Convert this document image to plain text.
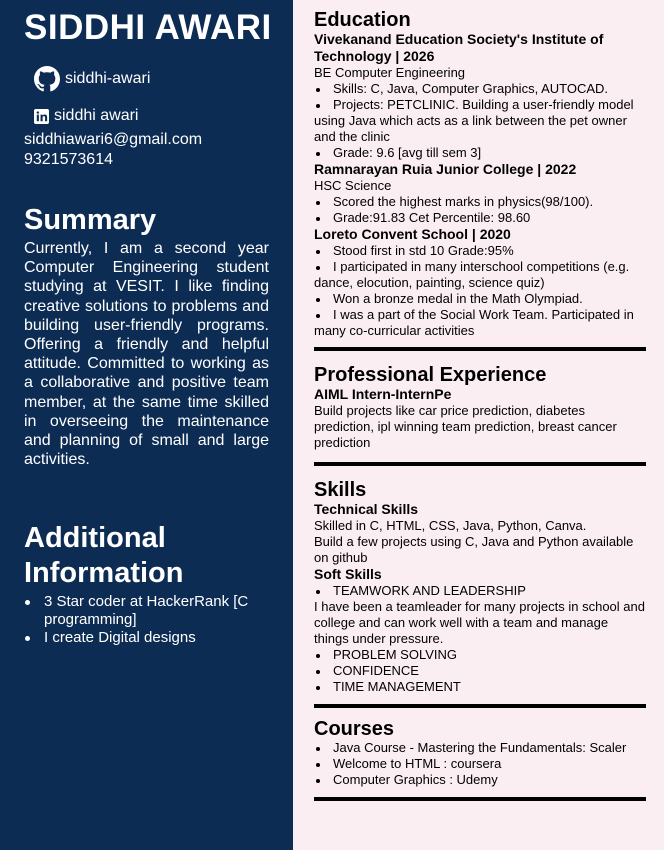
SIDDHI AWARI
siddhi-awari
siddhi awari
siddhiawari6@gmail.com
9321573614
Summary

Currently, I am a second year Computer Engineering student studying at VESIT. I like finding creative solutions to problems and building user-friendly programs. Offering a friendly and helpful attitude. Committed to working as a collaborative and positive team member, at the same time skilled in overseeing the maintenance and planning of small and large activities.

Additional Information
3 Star coder at HackerRank [C programming]
I create Digital designs
Education
Vivekanand Education Society's Institute of Technology | 2026

BE Computer Engineering

Skills: C, Java, Computer Graphics, AUTOCAD.
Projects: PETCLINIC. Building a user-friendly model using Java which acts as a link between the pet owner and the clinic
Grade: 9.6 [avg till sem 3]
Ramnarayan Ruia Junior College | 2022

HSC Science

Scored the highest marks in physics(98/100).
Grade:91.83 Cet Percentile: 98.60
Loreto Convent School | 2020
Stood first in std 10 Grade:95%
I participated in many interschool competitions (e.g. dance, elocution, painting, science quiz)
Won a bronze medal in the Math Olympiad.
I was a part of the Social Work Team. Participated in many co-curricular activities
Professional Experience
AIML Intern-InternPe

Build projects like car price prediction, diabetes prediction, ipl winning team prediction, breast cancer prediction

Skills
Technical Skills

Skilled in C, HTML, CSS, Java, Python, Canva.

Build a few projects using C, Java and Python available on github

Soft Skills
TEAMWORK AND LEADERSHIP

I have been a teamleader for many projects in school and college and can work well with a team and manage things under pressure.

PROBLEM SOLVING
CONFIDENCE
TIME MANAGEMENT
Courses
Java Course - Mastering the Fundamentals: Scaler
Welcome to HTML : coursera
Computer Graphics : Udemy
